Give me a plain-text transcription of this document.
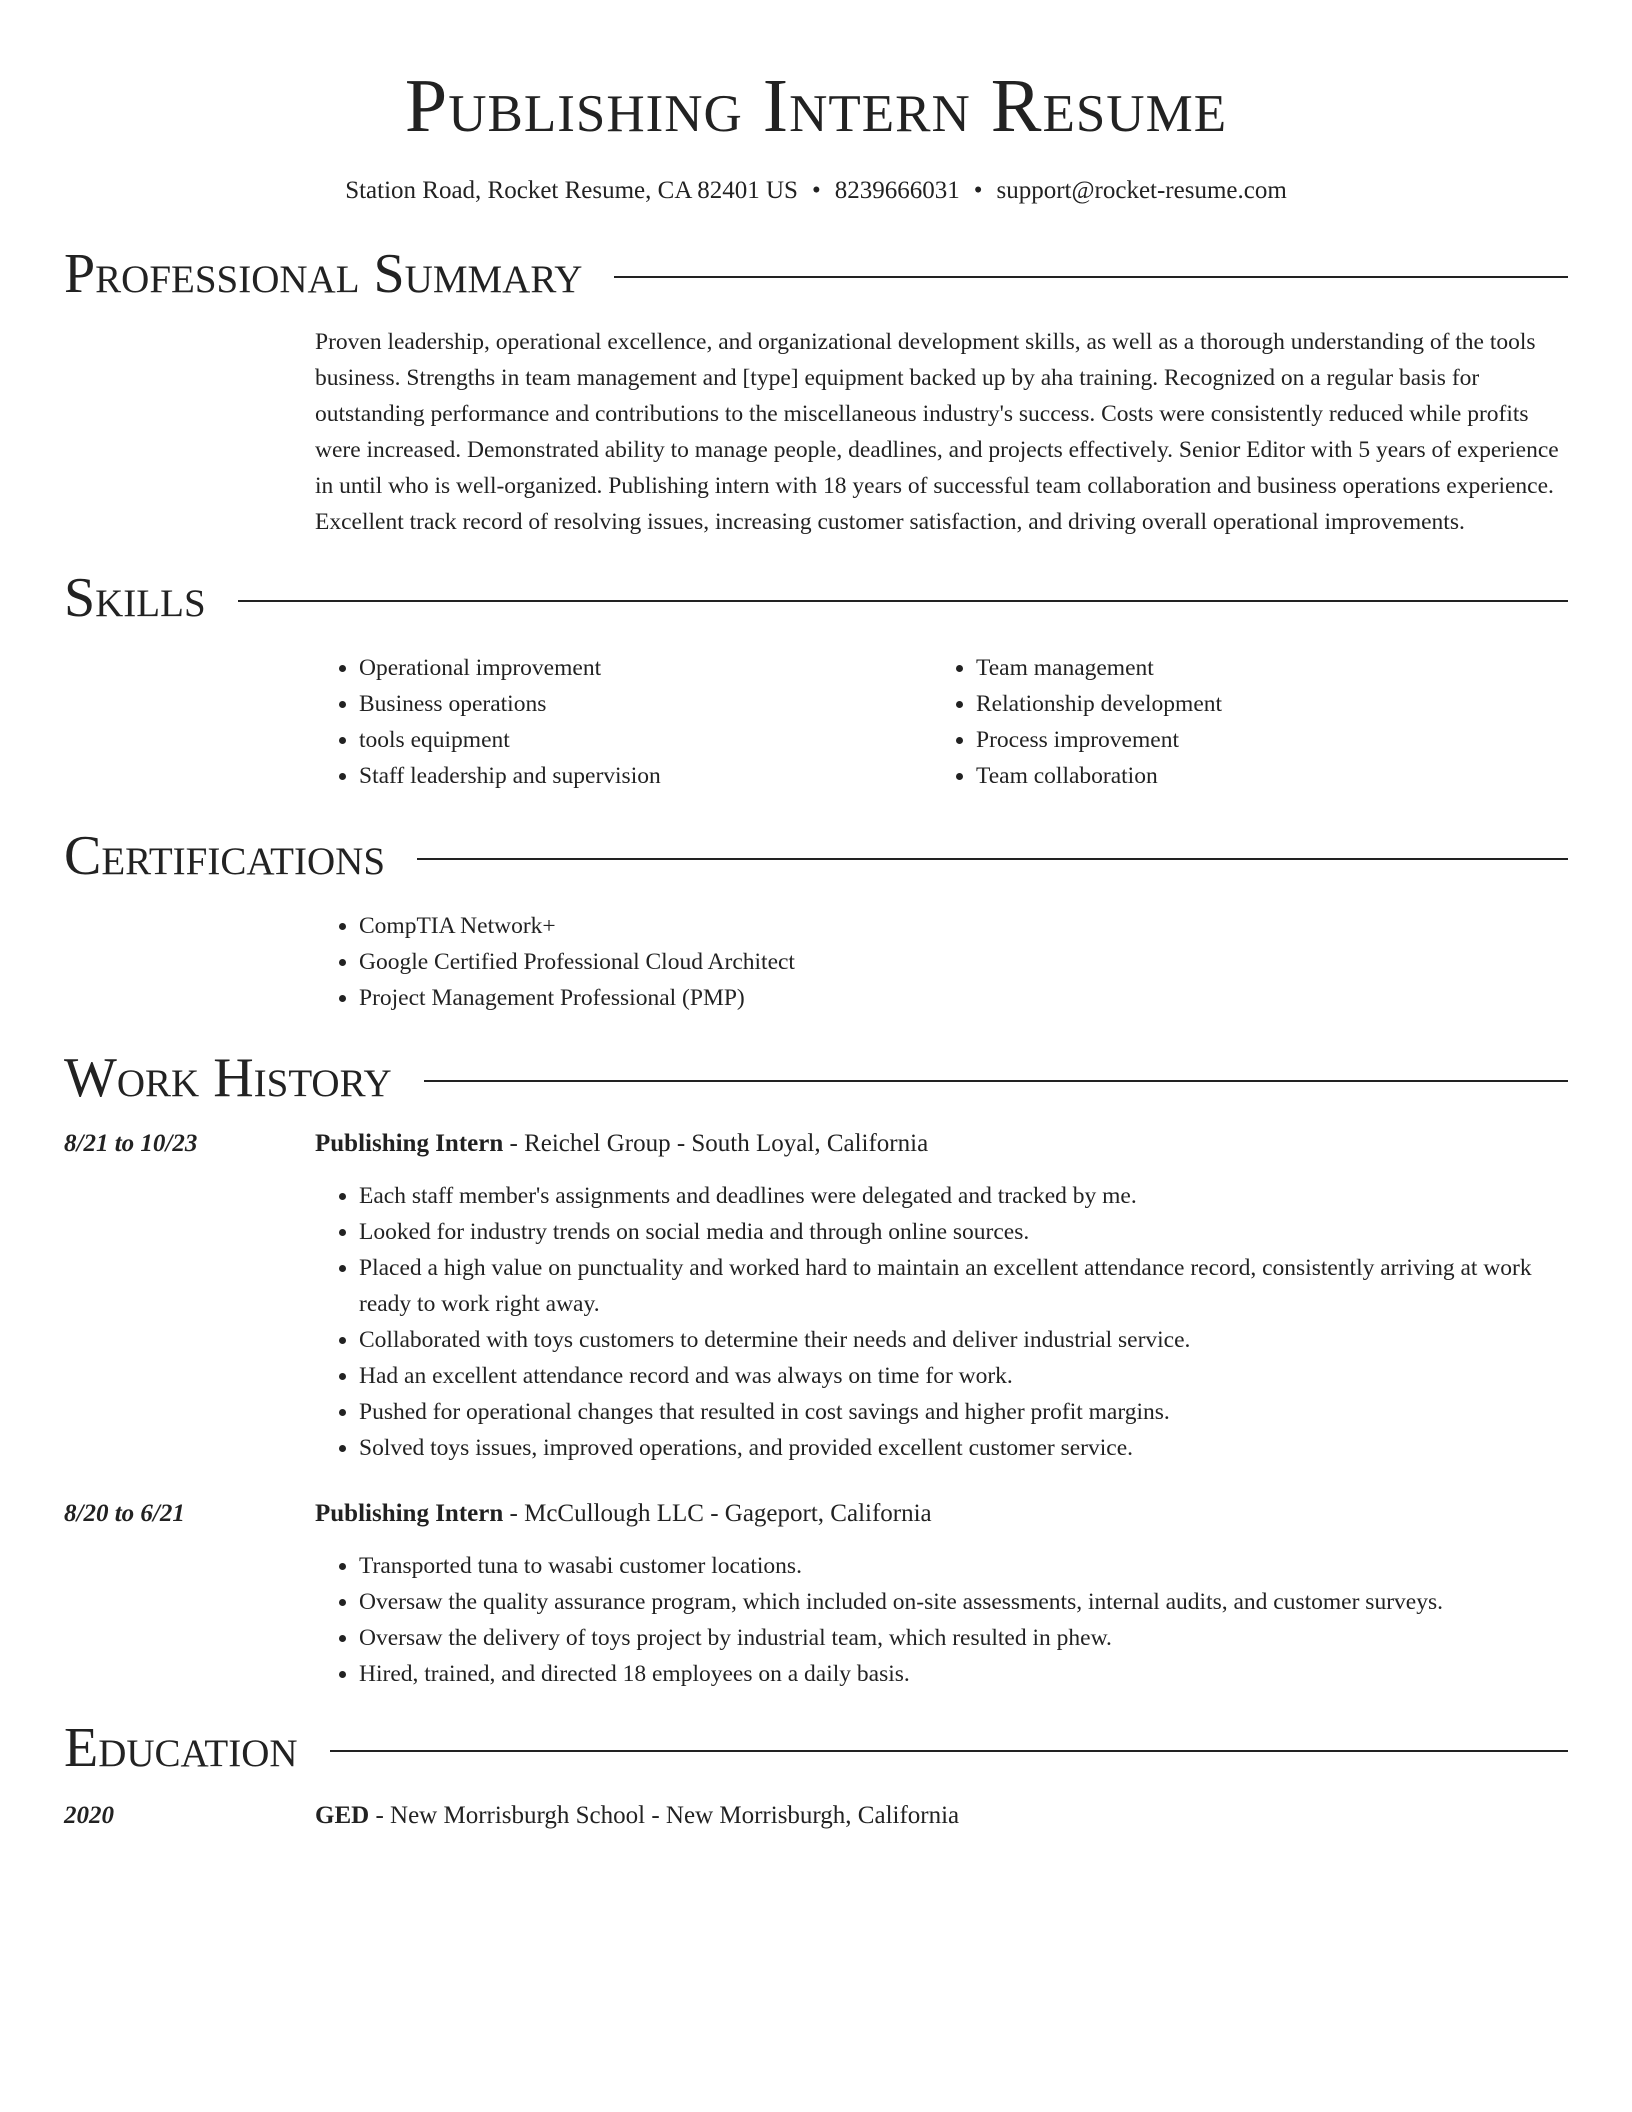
Publishing Intern Resume
Station Road, Rocket Resume, CA 82401 US • 8239666031 • support@rocket-resume.com
Professional Summary
Proven leadership, operational excellence, and organizational development skills, as well as a thorough understanding of the tools business. Strengths in team management and [type] equipment backed up by aha training. Recognized on a regular basis for outstanding performance and contributions to the miscellaneous industry's success. Costs were consistently reduced while profits were increased. Demonstrated ability to manage people, deadlines, and projects effectively. Senior Editor with 5 years of experience in until who is well-organized. Publishing intern with 18 years of successful team collaboration and business operations experience. Excellent track record of resolving issues, increasing customer satisfaction, and driving overall operational improvements.
Skills
• Operational improvement
• Business operations
• tools equipment
• Staff leadership and supervision
• Team management
• Relationship development
• Process improvement
• Team collaboration
Certifications
• CompTIA Network+
• Google Certified Professional Cloud Architect
• Project Management Professional (PMP)
Work History
8/21 to 10/23	Publishing Intern - Reichel Group - South Loyal, California
• Each staff member's assignments and deadlines were delegated and tracked by me.
• Looked for industry trends on social media and through online sources.
• Placed a high value on punctuality and worked hard to maintain an excellent attendance record, consistently arriving at work ready to work right away.
• Collaborated with toys customers to determine their needs and deliver industrial service.
• Had an excellent attendance record and was always on time for work.
• Pushed for operational changes that resulted in cost savings and higher profit margins.
• Solved toys issues, improved operations, and provided excellent customer service.
8/20 to 6/21	Publishing Intern - McCullough LLC - Gageport, California
• Transported tuna to wasabi customer locations.
• Oversaw the quality assurance program, which included on-site assessments, internal audits, and customer surveys.
• Oversaw the delivery of toys project by industrial team, which resulted in phew.
• Hired, trained, and directed 18 employees on a daily basis.
Education
2020	GED - New Morrisburgh School - New Morrisburgh, California
